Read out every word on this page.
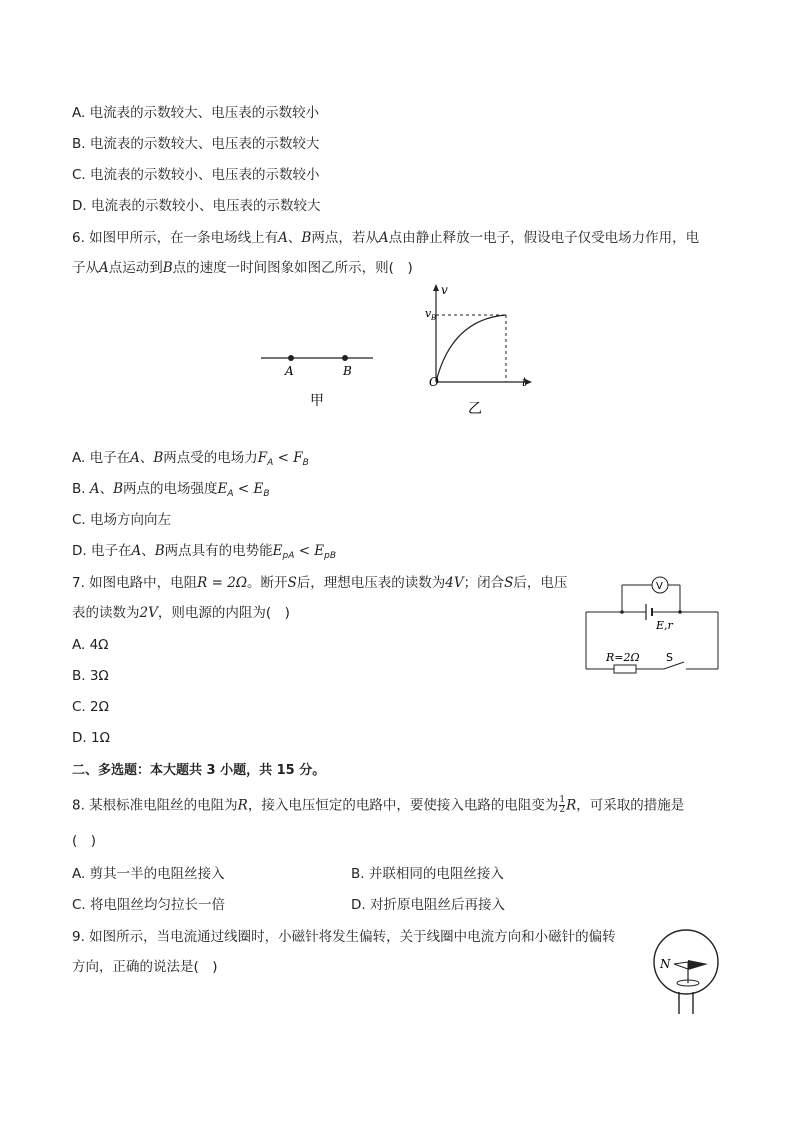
A. 电流表的示数较大、电压表的示数较小
B. 电流表的示数较大、电压表的示数较大
C. 电流表的示数较小、电压表的示数较小
D. 电流表的示数较小、电压表的示数较大
6. 如图甲所示，在一条电场线上有A、B两点，若从A点由静止释放一电子，假设电子仅受电场力作用，电
子从A点运动到B点的速度一时间图象如图乙所示，则(　)
A	B
甲
v
v B
O	t
乙
A. 电子在A、B两点受的电场力$F_A < F_B$
B. A、B两点的电场强度$E_A < E_B$
C. 电场方向向左
D. 电子在A、B两点具有的电势能$E_{pA} < E_{pB}$
7. 如图电路中，电阻R = 2Ω。断开S后，理想电压表的读数为4V；闭合S后，电压
表的读数为2V，则电源的内阻为(　)
V
E,r
R=2Ω S
A. 4Ω
B. 3Ω
C. 2Ω
D. 1Ω
二、多选题：本大题共 3 小题，共 15 分。
8. 某根标准电阻丝的电阻为R，接入电压恒定的电路中，要使接入电路的电阻变为 $\frac{1}{2}$ R，可采取的措施是
(　)
A. 剪其一半的电阻丝接入	B. 并联相同的电阻丝接入
C. 将电阻丝均匀拉长一倍	D. 对折原电阻丝后再接入
9. 如图所示，当电流通过线圈时，小磁针将发生偏转，关于线圈中电流方向和小磁针的偏转
方向，正确的说法是(　)	N
